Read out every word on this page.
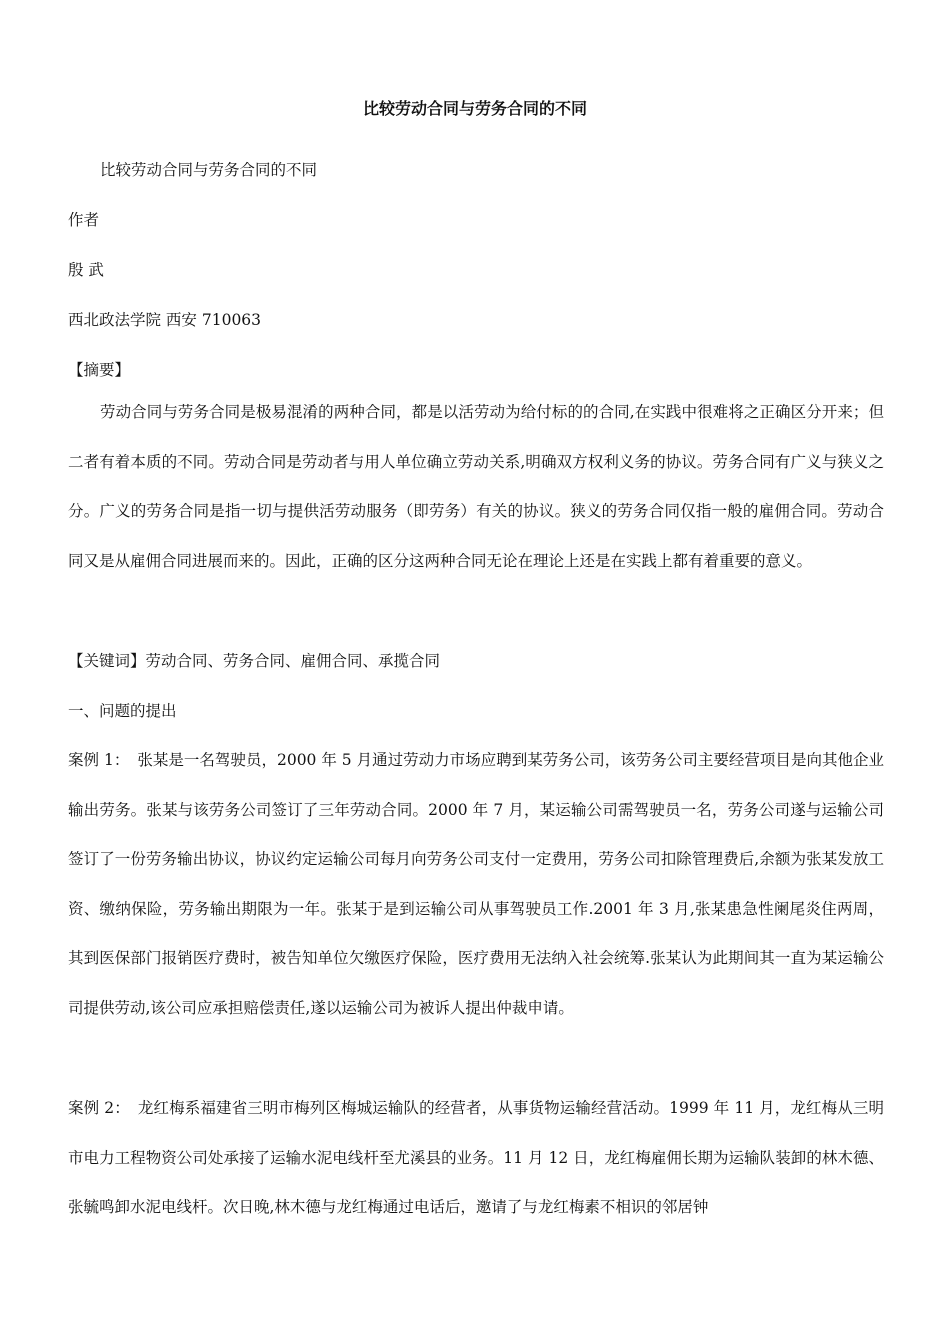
比较劳动合同与劳务合同的不同

比较劳动合同与劳务合同的不同

作者

殷 武

西北政法学院 西安 710063

【摘要】

劳动合同与劳务合同是极易混淆的两种合同，都是以活劳动为给付标的的合同,在实践中很难将之正确区分开来；但二者有着本质的不同。劳动合同是劳动者与用人单位确立劳动关系,明确双方权利义务的协议。劳务合同有广义与狭义之分。广义的劳务合同是指一切与提供活劳动服务（即劳务）有关的协议。狭义的劳务合同仅指一般的雇佣合同。劳动合同又是从雇佣合同进展而来的。因此，正确的区分这两种合同无论在理论上还是在实践上都有着重要的意义。

【关键词】劳动合同、劳务合同、雇佣合同、承揽合同

一、问题的提出

案例 1： 张某是一名驾驶员，2000 年 5 月通过劳动力市场应聘到某劳务公司，该劳务公司主要经营项目是向其他企业输出劳务。张某与该劳务公司签订了三年劳动合同。2000 年 7 月，某运输公司需驾驶员一名，劳务公司遂与运输公司签订了一份劳务输出协议，协议约定运输公司每月向劳务公司支付一定费用，劳务公司扣除管理费后,余额为张某发放工资、缴纳保险，劳务输出期限为一年。张某于是到运输公司从事驾驶员工作.2001 年 3 月,张某患急性阑尾炎住两周，其到医保部门报销医疗费时，被告知单位欠缴医疗保险，医疗费用无法纳入社会统筹.张某认为此期间其一直为某运输公司提供劳动,该公司应承担赔偿责任,遂以运输公司为被诉人提出仲裁申请。

案例 2： 龙红梅系福建省三明市梅列区梅城运输队的经营者，从事货物运输经营活动。1999 年 11 月，龙红梅从三明市电力工程物资公司处承接了运输水泥电线杆至尤溪县的业务。11 月 12 日，龙红梅雇佣长期为运输队装卸的林木德、张毓鸣卸水泥电线杆。次日晚,林木德与龙红梅通过电话后，邀请了与龙红梅素不相识的邻居钟
